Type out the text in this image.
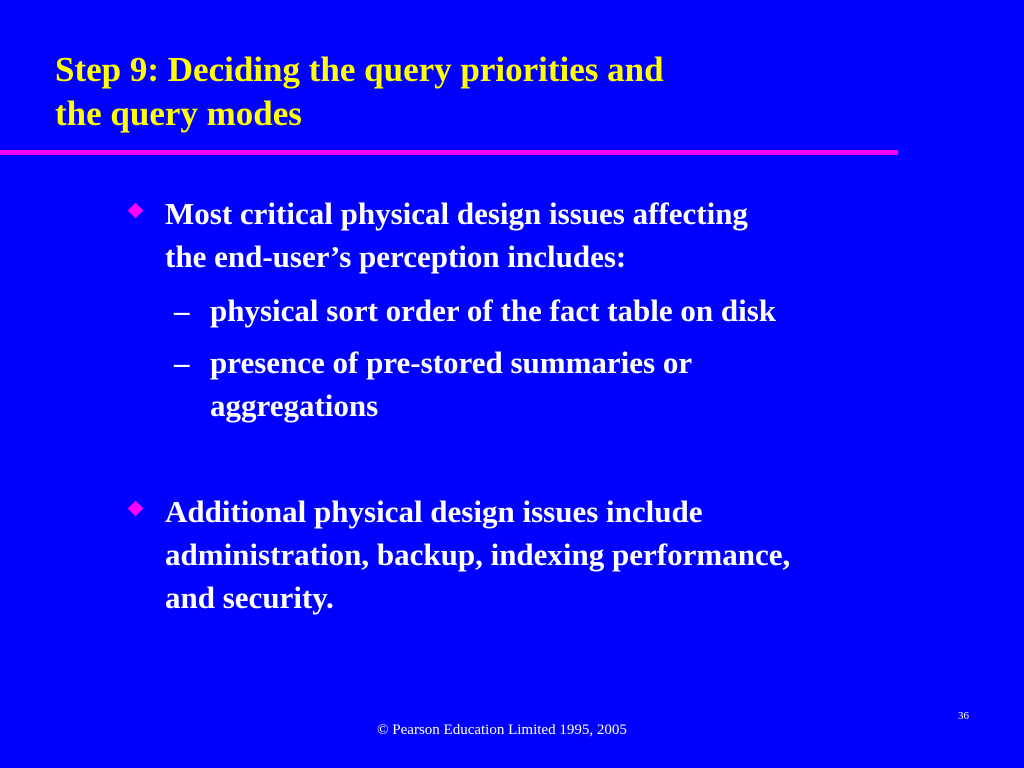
Step 9: Deciding the query priorities and
the query modes
Most critical physical design issues affecting
the end-user’s perception includes:
– physical sort order of the fact table on disk
– presence of pre-stored summaries or
aggregations
Additional physical design issues include
administration, backup, indexing performance,
and security.
36
© Pearson Education Limited 1995, 2005
